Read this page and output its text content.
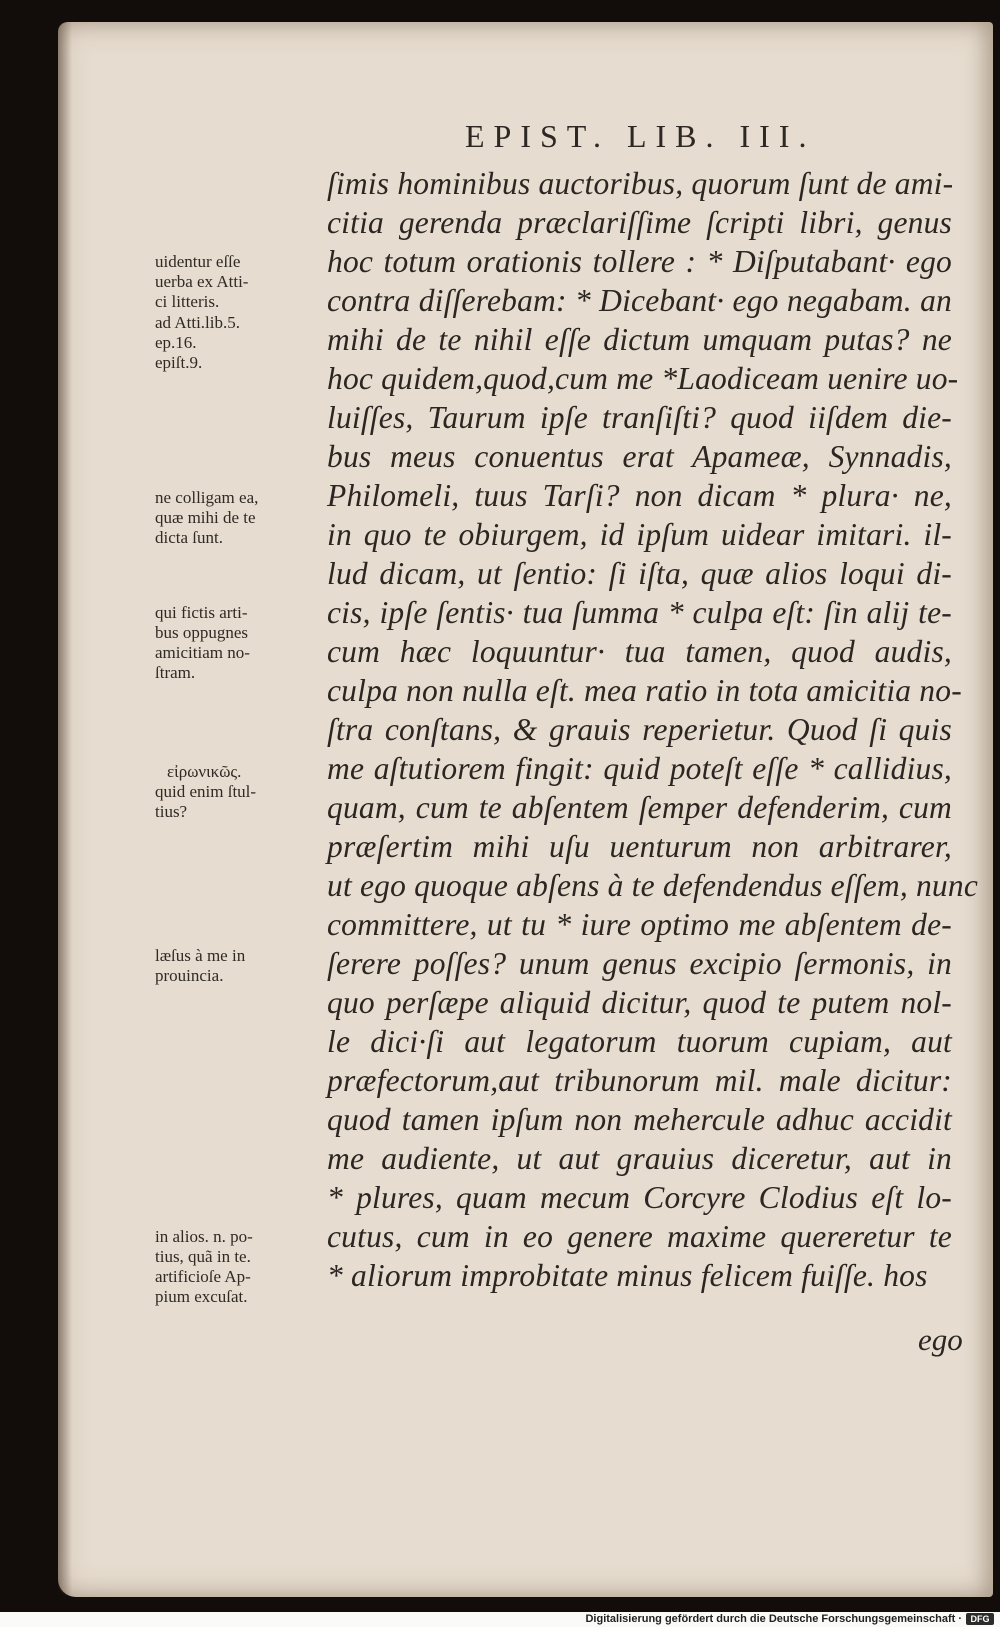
EPIST. LIB. III.
ſimis hominibus auctoribus, quorum ſunt de ami-
citia gerenda præclariſſime ſcripti libri, genus
hoc totum orationis tollere : * Diſputabant· ego
contra diſſerebam: * Dicebant· ego negabam. an
mihi de te nihil eſſe dictum umquam putas? ne
hoc quidem,quod,cum me *Laodiceam uenire uo-
luiſſes, Taurum ipſe tranſiſti? quod iiſdem die-
bus meus conuentus erat Apameæ, Synnadis,
Philomeli, tuus Tarſi? non dicam * plura· ne,
in quo te obiurgem, id ipſum uidear imitari. il-
lud dicam, ut ſentio: ſi iſta, quæ alios loqui di-
cis, ipſe ſentis· tua ſumma * culpa eſt: ſin alij te-
cum hæc loquuntur· tua tamen, quod audis,
culpa non nulla eſt. mea ratio in tota amicitia no-
ſtra conſtans, & grauis reperietur. Quod ſi quis
me aſtutiorem fingit: quid poteſt eſſe * callidius,
quam, cum te abſentem ſemper defenderim, cum
præſertim mihi uſu uenturum non arbitrarer,
ut ego quoque abſens à te defendendus eſſem, nunc
committere, ut tu * iure optimo me abſentem de-
ſerere poſſes? unum genus excipio ſermonis, in
quo perſæpe aliquid dicitur, quod te putem nol-
le dici·ſi aut legatorum tuorum cupiam, aut
præfectorum,aut tribunorum mil. male dicitur:
quod tamen ipſum non mehercule adhuc accidit
me audiente, ut aut grauius diceretur, aut in
* plures, quam mecum Corcyre Clodius eſt lo-
cutus, cum in eo genere maxime quereretur te
* aliorum improbitate minus felicem fuiſſe. hos
ego
uidentur eſſe
uerba ex Atti-
ci litteris.
ad Atti.lib.5.
ep.16.
epiſt.9.
ne colligam ea,
quæ mihi de te
dicta ſunt.
qui fictis arti-
bus oppugnes
amicitiam no-
ſtram.
εἰρωνικῶς.
quid enim ſtul-
tius?
læſus à me in
prouincia.
in alios. n. po-
tius, quã in te.
artificioſe Ap-
pium excuſat.
Digitalisierung gefördert durch die Deutsche Forschungsgemeinschaft · DFG
